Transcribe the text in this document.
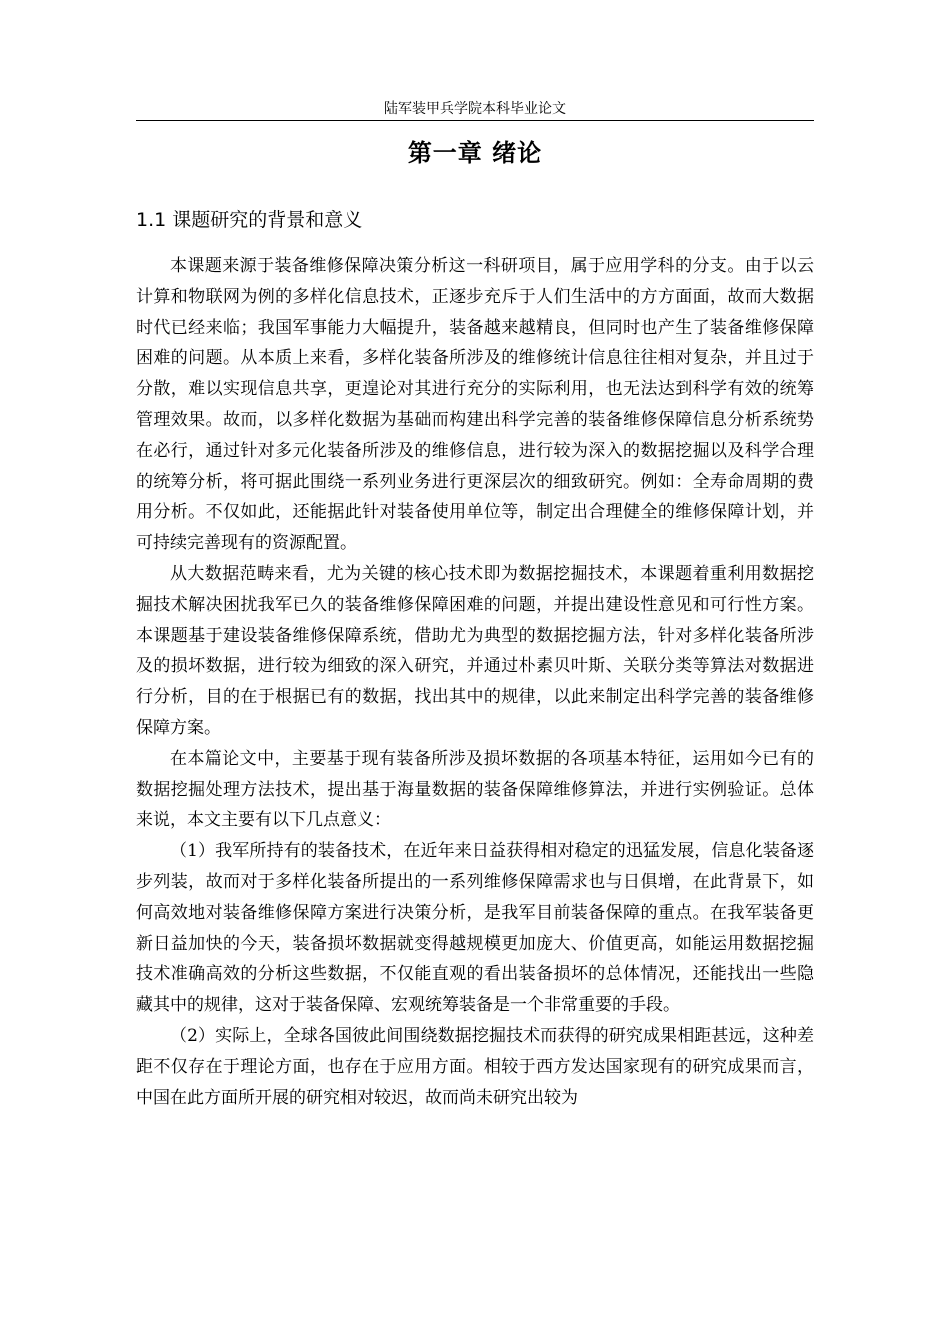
陆军装甲兵学院本科毕业论文
第一章 绪论
1.1 课题研究的背景和意义

本课题来源于装备维修保障决策分析这一科研项目，属于应用学科的分支。由于以云计算和物联网为例的多样化信息技术，正逐步充斥于人们生活中的方方面面，故而大数据时代已经来临；我国军事能力大幅提升，装备越来越精良，但同时也产生了装备维修保障困难的问题。从本质上来看，多样化装备所涉及的维修统计信息往往相对复杂，并且过于分散，难以实现信息共享，更遑论对其进行充分的实际利用，也无法达到科学有效的统筹管理效果。故而，以多样化数据为基础而构建出科学完善的装备维修保障信息分析系统势在必行，通过针对多元化装备所涉及的维修信息，进行较为深入的数据挖掘以及科学合理的统筹分析，将可据此围绕一系列业务进行更深层次的细致研究。例如：全寿命周期的费用分析。不仅如此，还能据此针对装备使用单位等，制定出合理健全的维修保障计划，并可持续完善现有的资源配置。

从大数据范畴来看，尤为关键的核心技术即为数据挖掘技术，本课题着重利用数据挖掘技术解决困扰我军已久的装备维修保障困难的问题，并提出建设性意见和可行性方案。本课题基于建设装备维修保障系统，借助尤为典型的数据挖掘方法，针对多样化装备所涉及的损坏数据，进行较为细致的深入研究，并通过朴素贝叶斯、关联分类等算法对数据进行分析，目的在于根据已有的数据，找出其中的规律，以此来制定出科学完善的装备维修保障方案。

在本篇论文中，主要基于现有装备所涉及损坏数据的各项基本特征，运用如今已有的数据挖掘处理方法技术，提出基于海量数据的装备保障维修算法，并进行实例验证。总体来说，本文主要有以下几点意义：

（1）我军所持有的装备技术，在近年来日益获得相对稳定的迅猛发展，信息化装备逐步列装，故而对于多样化装备所提出的一系列维修保障需求也与日俱增，在此背景下，如何高效地对装备维修保障方案进行决策分析，是我军目前装备保障的重点。在我军装备更新日益加快的今天，装备损坏数据就变得越规模更加庞大、价值更高，如能运用数据挖掘技术准确高效的分析这些数据，不仅能直观的看出装备损坏的总体情况，还能找出一些隐藏其中的规律，这对于装备保障、宏观统筹装备是一个非常重要的手段。

（2）实际上，全球各国彼此间围绕数据挖掘技术而获得的研究成果相距甚远，这种差距不仅存在于理论方面，也存在于应用方面。相较于西方发达国家现有的研究成果而言，中国在此方面所开展的研究相对较迟，故而尚未研究出较为
